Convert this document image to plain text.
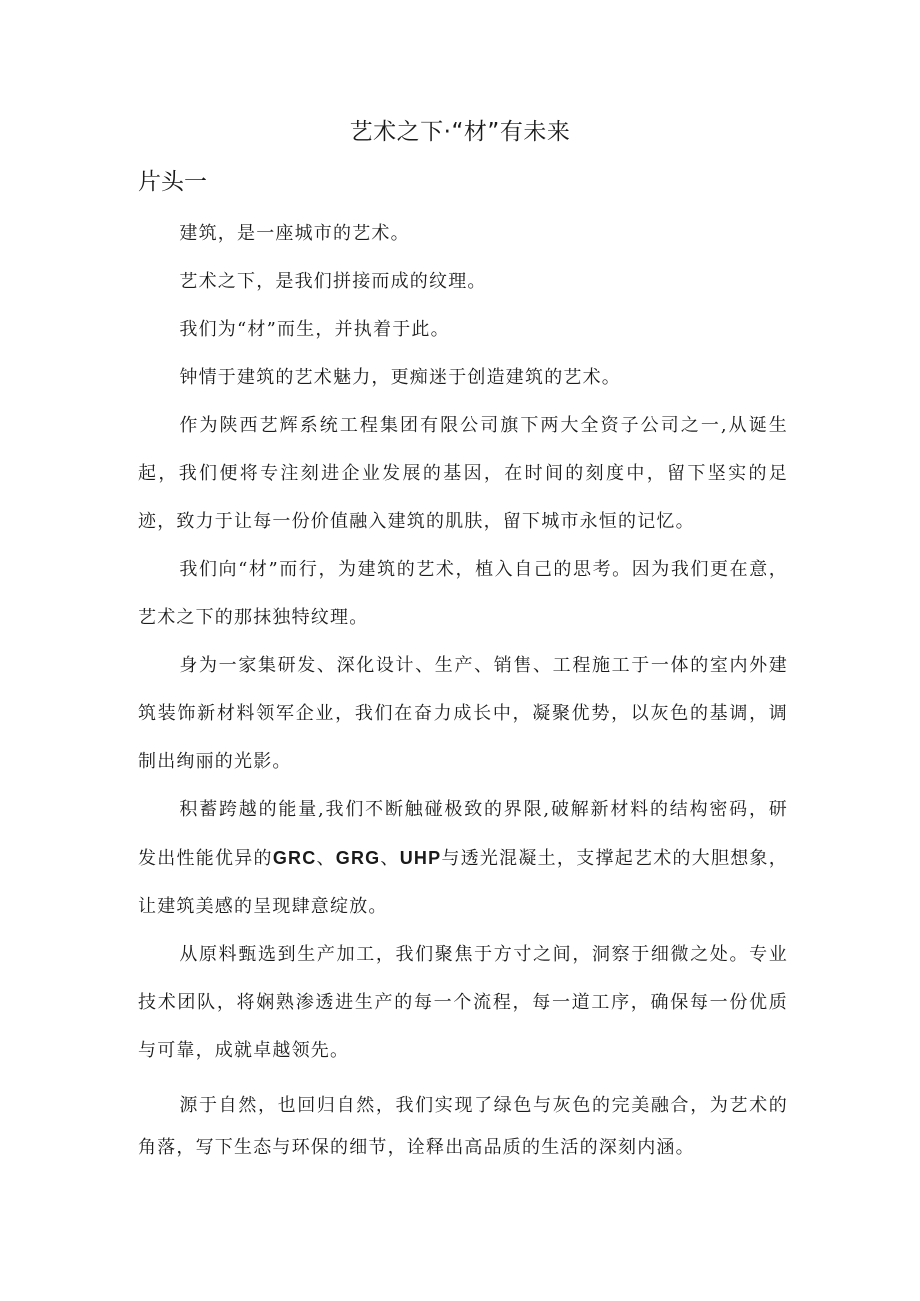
艺术之下·“材”有未来
片头一

建筑，是一座城市的艺术。

艺术之下，是我们拼接而成的纹理。

我们为“材”而生，并执着于此。

钟情于建筑的艺术魅力，更痴迷于创造建筑的艺术。

作为陕西艺辉系统工程集团有限公司旗下两大全资子公司之一,从诞生起，我们便将专注刻进企业发展的基因，在时间的刻度中，留下坚实的足迹，致力于让每一份价值融入建筑的肌肤，留下城市永恒的记忆。

我们向“材”而行，为建筑的艺术，植入自己的思考。因为我们更在意，艺术之下的那抹独特纹理。

身为一家集研发、深化设计、生产、销售、工程施工于一体的室内外建筑装饰新材料领军企业，我们在奋力成长中，凝聚优势，以灰色的基调，调制出绚丽的光影。

积蓄跨越的能量,我们不断触碰极致的界限,破解新材料的结构密码，研发出性能优异的GRC、GRG、UHP与透光混凝土，支撑起艺术的大胆想象，让建筑美感的呈现肆意绽放。

从原料甄选到生产加工，我们聚焦于方寸之间，洞察于细微之处。专业技术团队，将娴熟渗透进生产的每一个流程，每一道工序，确保每一份优质与可靠，成就卓越领先。

源于自然，也回归自然，我们实现了绿色与灰色的完美融合，为艺术的角落，写下生态与环保的细节，诠释出高品质的生活的深刻内涵。
